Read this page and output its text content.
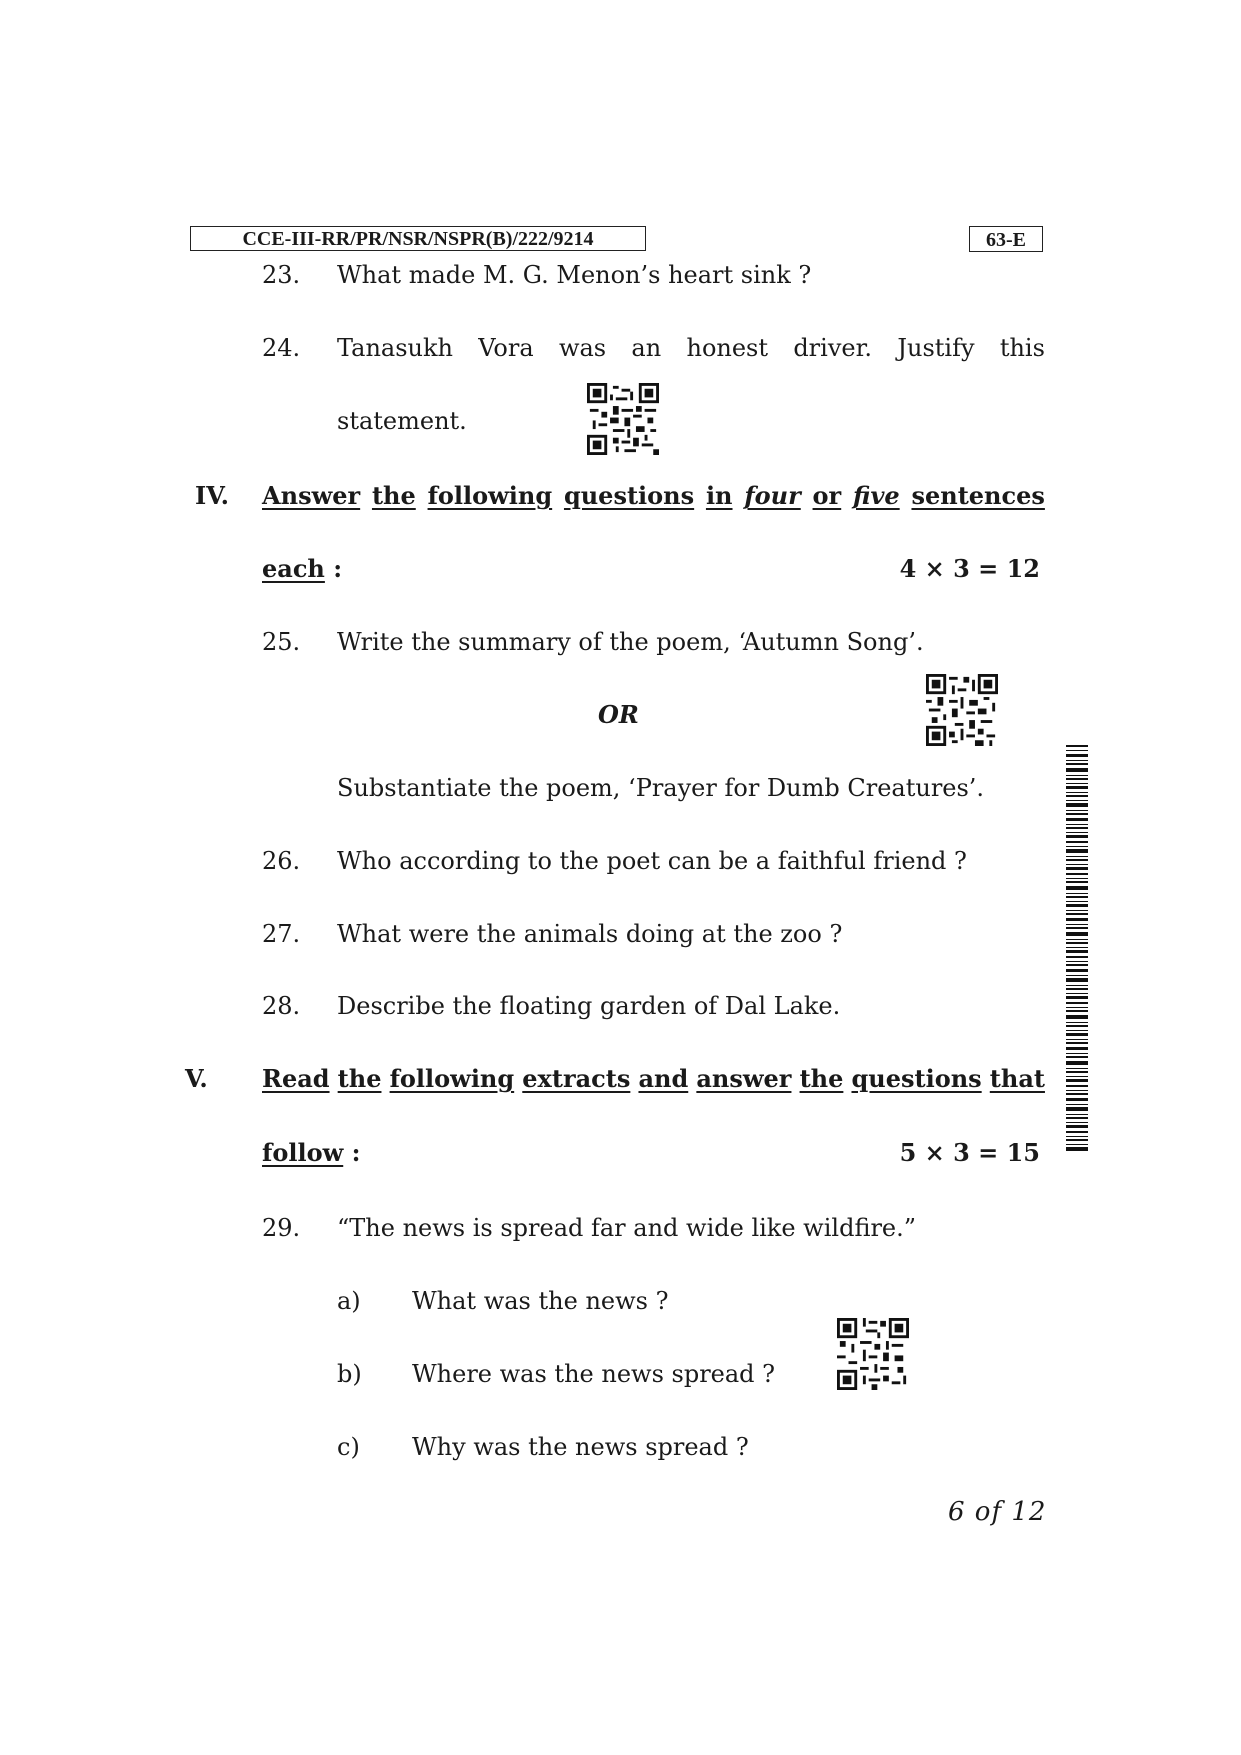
CCE-III-RR/PR/NSR/NSPR(B)/222/9214	63-E
23. What made M. G. Menon’s heart sink ?
24. Tanasukh Vora was an honest driver. Justify this
statement.
IV. Answer the following questions in four or five sentences
each :	4 × 3 = 12
25. Write the summary of the poem, ‘Autumn Song’.
OR
Substantiate the poem, ‘Prayer for Dumb Creatures’.
26. Who according to the poet can be a faithful friend ?
27. What were the animals doing at the zoo ?
28. Describe the floating garden of Dal Lake.
V. Read the following extracts and answer the questions that
follow :	5 × 3 = 15
29. “The news is spread far and wide like wildfire.”
a) What was the news ?
b) Where was the news spread ?
c) Why was the news spread ?
6 of 12
